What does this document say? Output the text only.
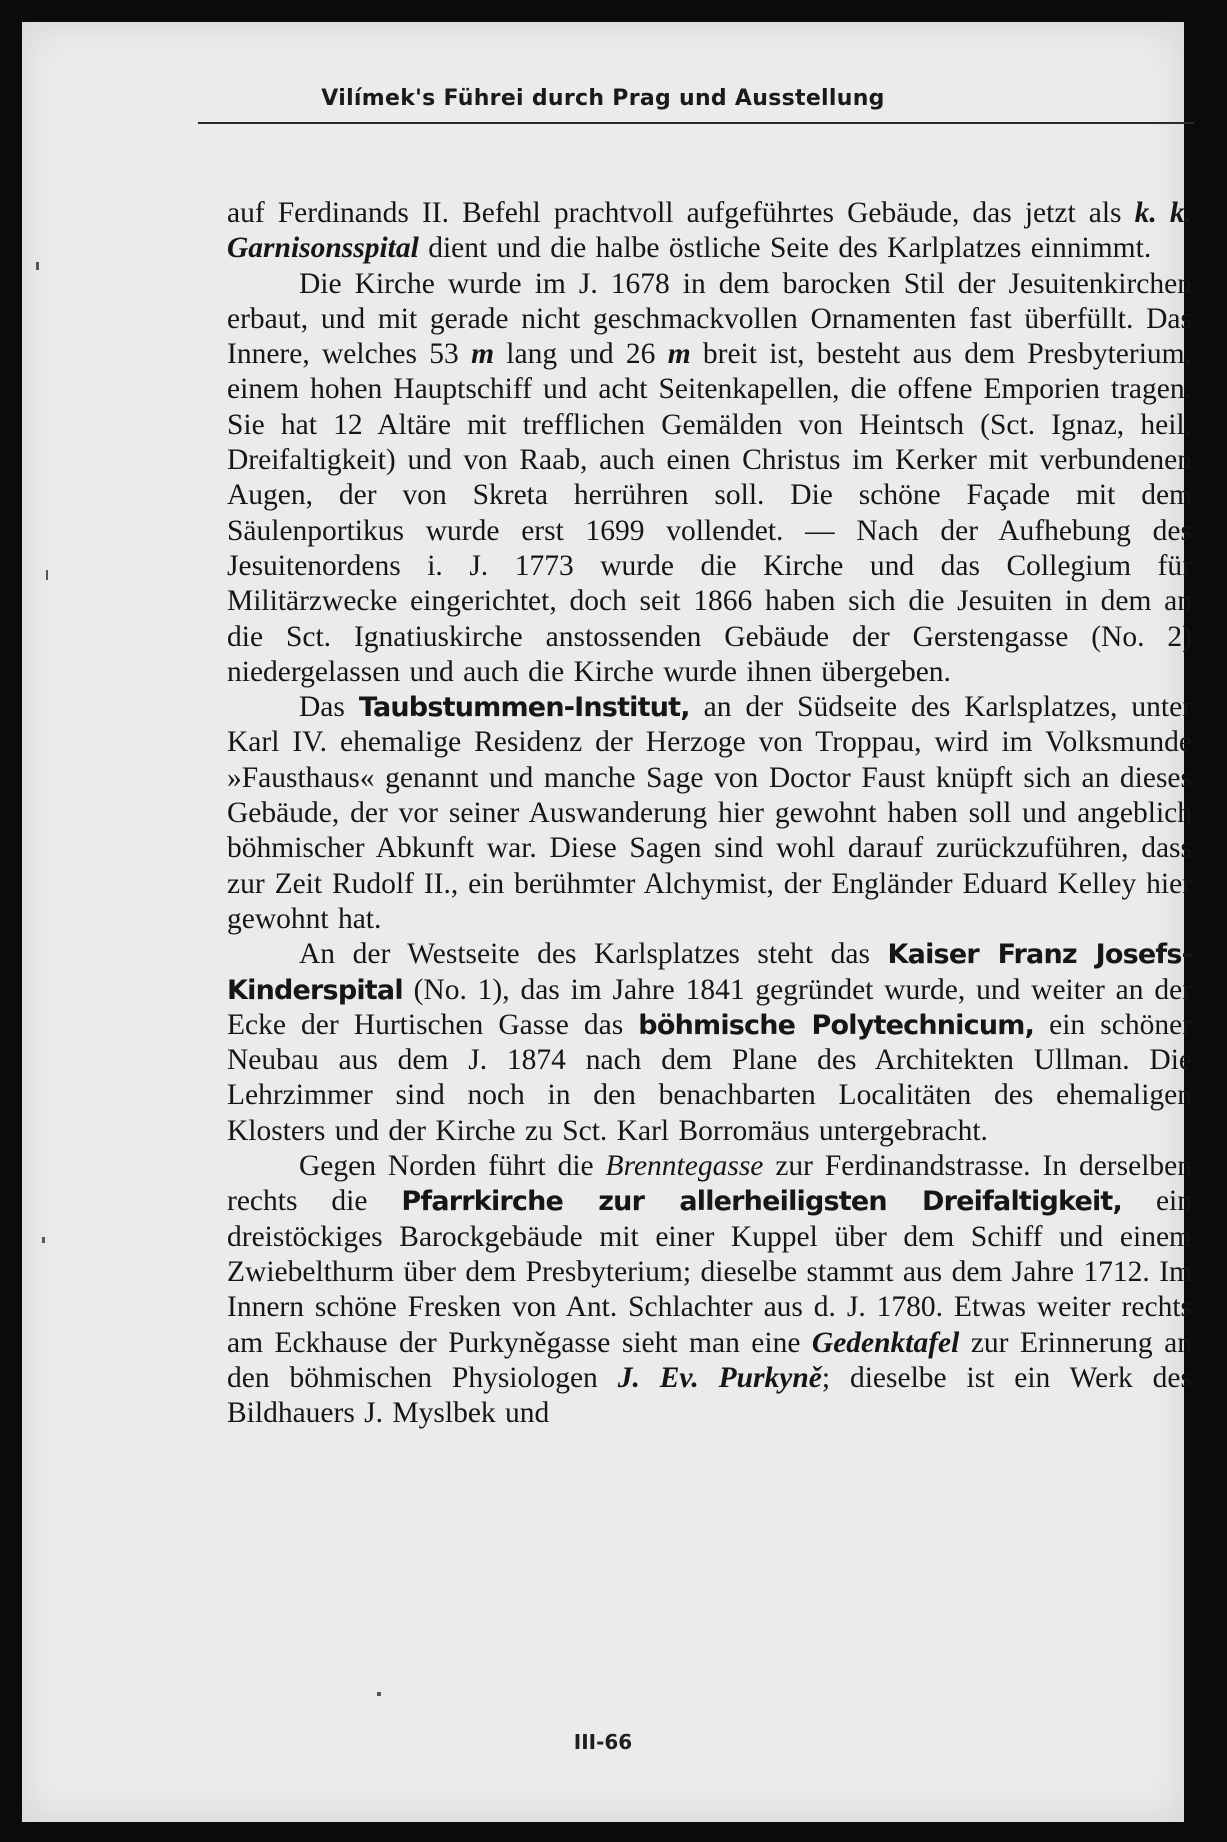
Vilímek's Führei durch Prag und Ausstellung

auf Ferdinands II. Befehl prachtvoll aufgeführtes Gebäude, das jetzt als k. k. Garnisonsspital dient und die halbe östliche Seite des Karlplatzes einnimmt.

Die Kirche wurde im J. 1678 in dem barocken Stil der Jesuitenkirchen erbaut, und mit gerade nicht geschmackvollen Ornamenten fast überfüllt. Das Innere, welches 53 m lang und 26 m breit ist, besteht aus dem Presbyterium, einem hohen Hauptschiff und acht Seitenkapellen, die offene Emporien tragen. Sie hat 12 Altäre mit trefflichen Gemälden von Heintsch (Sct. Ignaz, heil. Dreifaltigkeit) und von Raab, auch einen Christus im Kerker mit verbundenen Augen, der von Skreta herrühren soll. Die schöne Façade mit dem Säulenportikus wurde erst 1699 vollendet. — Nach der Aufhebung des Jesuitenordens i. J. 1773 wurde die Kirche und das Collegium für Militärzwecke eingerichtet, doch seit 1866 haben sich die Jesuiten in dem an die Sct. Ignatiuskirche anstossenden Gebäude der Gerstengasse (No. 2) niedergelassen und auch die Kirche wurde ihnen übergeben.

Das Taubstummen-Institut, an der Südseite des Karlsplatzes, unter Karl IV. ehemalige Residenz der Herzoge von Troppau, wird im Volksmunde »Fausthaus« genannt und manche Sage von Doctor Faust knüpft sich an dieses Gebäude, der vor seiner Auswanderung hier gewohnt haben soll und angeblich böhmischer Abkunft war. Diese Sagen sind wohl darauf zurückzuführen, dass zur Zeit Rudolf II., ein berühmter Alchymist, der Engländer Eduard Kelley hier gewohnt hat.

An der Westseite des Karlsplatzes steht das Kaiser Franz Josefs-Kinderspital (No. 1), das im Jahre 1841 gegründet wurde, und weiter an der Ecke der Hurtischen Gasse das böhmische Polytechnicum, ein schöner Neubau aus dem J. 1874 nach dem Plane des Architekten Ullman. Die Lehrzimmer sind noch in den benachbarten Localitäten des ehemaligen Klosters und der Kirche zu Sct. Karl Borromäus untergebracht.

Gegen Norden führt die Brenntegasse zur Ferdinandstrasse. In derselben rechts die Pfarrkirche zur allerheiligsten Dreifaltigkeit, ein dreistöckiges Barockgebäude mit einer Kuppel über dem Schiff und einem Zwiebelthurm über dem Presbyterium; dieselbe stammt aus dem Jahre 1712. Im Innern schöne Fresken von Ant. Schlachter aus d. J. 1780. Etwas weiter rechts am Eckhause der Purkyněgasse sieht man eine Gedenktafel zur Erinnerung an den böhmischen Physiologen J. Ev. Purkyně; dieselbe ist ein Werk des Bildhauers J. Myslbek und

III-66
